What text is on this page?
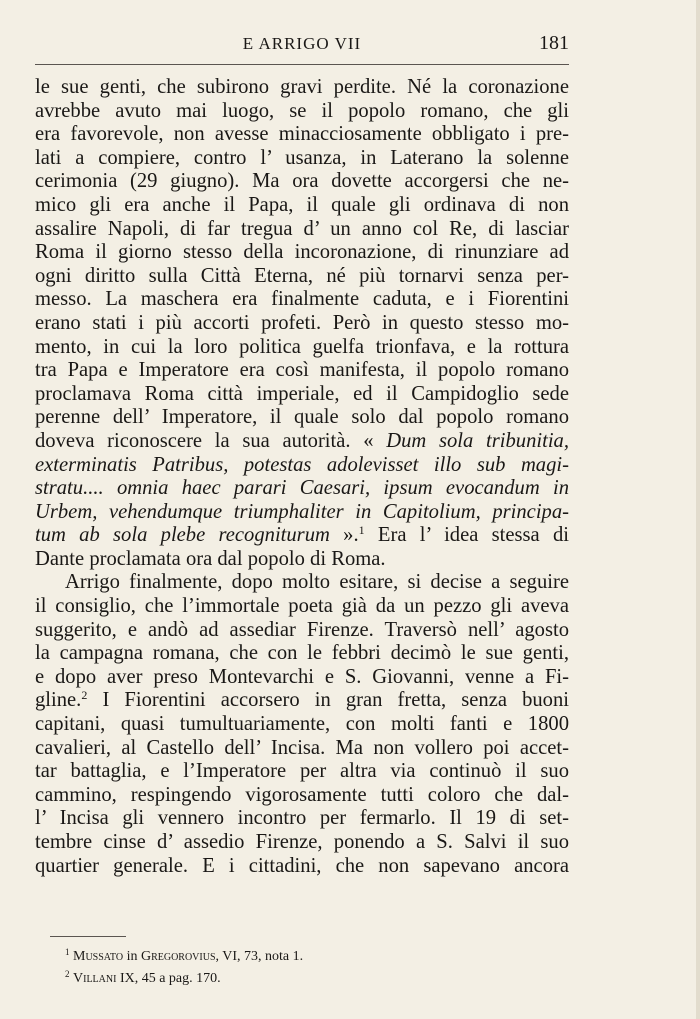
E ARRIGO VII	181
le sue genti, che subirono gravi perdite. Né la coronazione
avrebbe avuto mai luogo, se il popolo romano, che gli
era favorevole, non avesse minacciosamente obbligato i pre-
lati a compiere, contro l’ usanza, in Laterano la solenne
cerimonia (29 giugno). Ma ora dovette accorgersi che ne-
mico gli era anche il Papa, il quale gli ordinava di non
assalire Napoli, di far tregua d’ un anno col Re, di lasciar
Roma il giorno stesso della incoronazione, di rinunziare ad
ogni diritto sulla Città Eterna, né più tornarvi senza per-
messo. La maschera era finalmente caduta, e i Fiorentini
erano stati i più accorti profeti. Però in questo stesso mo-
mento, in cui la loro politica guelfa trionfava, e la rottura
tra Papa e Imperatore era così manifesta, il popolo romano
proclamava Roma città imperiale, ed il Campidoglio sede
perenne dell’ Imperatore, il quale solo dal popolo romano
doveva riconoscere la sua autorità. « Dum sola tribunitia,
exterminatis Patribus, potestas adolevisset illo sub magi-
stratu.... omnia haec parari Caesari, ipsum evocandum in
Urbem, vehendumque triumphaliter in Capitolium, principa-
tum ab sola plebe recogniturum ».$^1$ Era l’ idea stessa di
Dante proclamata ora dal popolo di Roma.
Arrigo finalmente, dopo molto esitare, si decise a seguire
il consiglio, che l’immortale poeta già da un pezzo gli aveva
suggerito, e andò ad assediar Firenze. Traversò nell’ agosto
la campagna romana, che con le febbri decimò le sue genti,
e dopo aver preso Montevarchi e S. Giovanni, venne a Fi-
gline.$^2$ I Fiorentini accorsero in gran fretta, senza buoni
capitani, quasi tumultuariamente, con molti fanti e 1800
cavalieri, al Castello dell’ Incisa. Ma non vollero poi accet-
tar battaglia, e l’Imperatore per altra via continuò il suo
cammino, respingendo vigorosamente tutti coloro che dal-
l’ Incisa gli vennero incontro per fermarlo. Il 19 di set-
tembre cinse d’ assedio Firenze, ponendo a S. Salvi il suo
quartier generale. E i cittadini, che non sapevano ancora
$^1$ Mussato in Gregorovius, VI, 73, nota 1.
$^2$ Villani IX, 45 a pag. 170.
